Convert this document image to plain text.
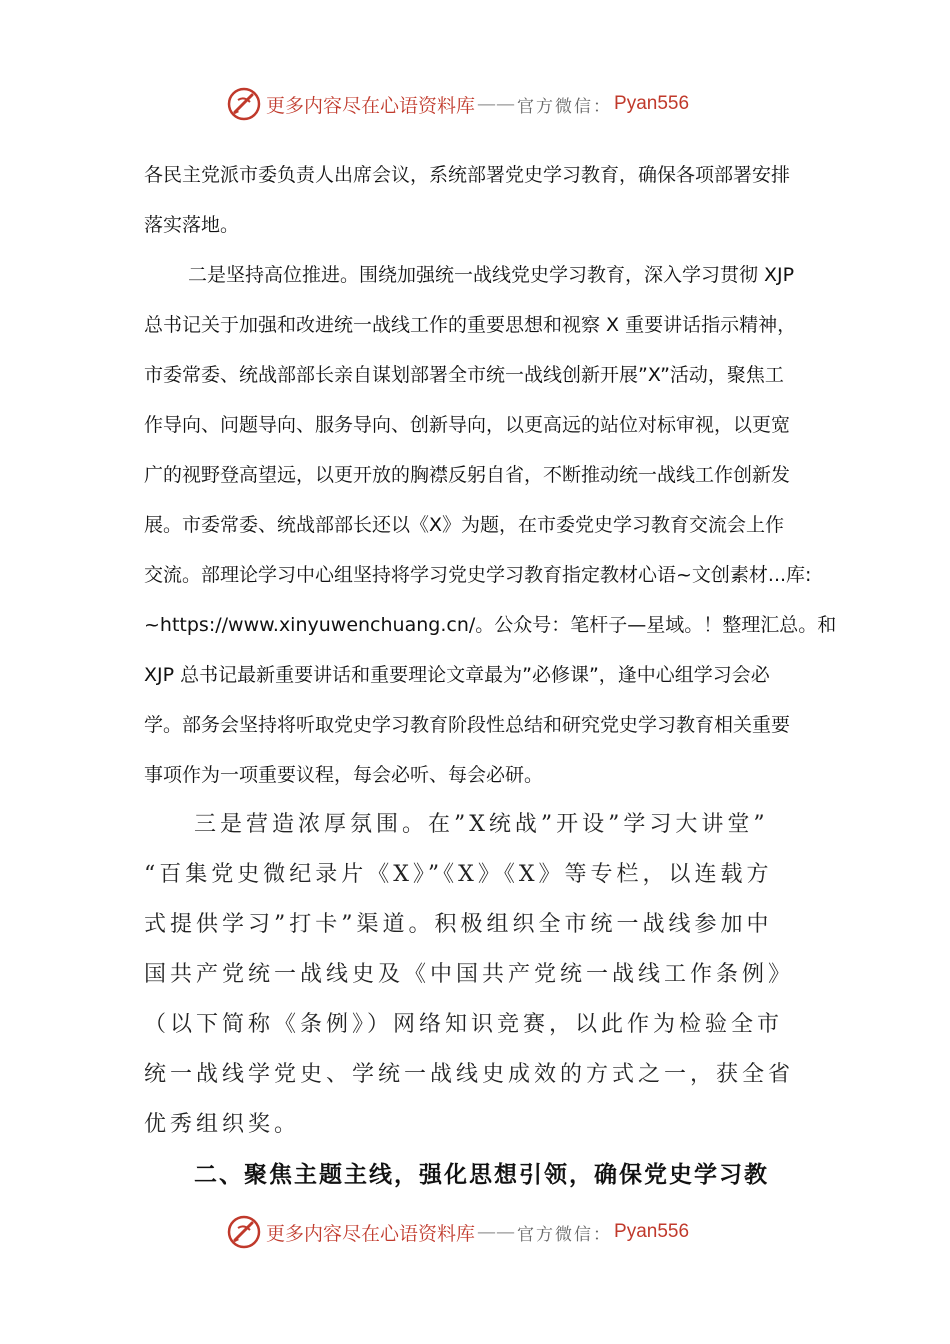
更多内容尽在心语资料库 —— 官方微信： Pyan556

各民主党派市委负责人出席会议，系统部署党史学习教育，确保各项部署安排
落实落地。

二是坚持高位推进。围绕加强统一战线党史学习教育，深入学习贯彻 XJP
总书记关于加强和改进统一战线工作的重要思想和视察 X 重要讲话指示精神，
市委常委、统战部部长亲自谋划部署全市统一战线创新开展”X”活动，聚焦工
作导向、问题导向、服务导向、创新导向，以更高远的站位对标审视，以更宽
广的视野登高望远，以更开放的胸襟反躬自省，不断推动统一战线工作创新发
展。市委常委、统战部部长还以《X》为题，在市委党史学习教育交流会上作
交流。部理论学习中心组坚持将学习党史学习教育指定教材心语~文创素材...库:
~https://www.xinyuwenchuang.cn/。公众号：笔杆子—星域。！整理汇总。和
XJP 总书记最新重要讲话和重要理论文章最为”必修课”，逢中心组学习会必
学。部务会坚持将听取党史学习教育阶段性总结和研究党史学习教育相关重要
事项作为一项重要议程，每会必听、每会必研。

三是营造浓厚氛围。在”X统战”开设”学习大讲堂”
“百集党史微纪录片《X》”《X》《X》等专栏，以连载方
式提供学习”打卡”渠道。积极组织全市统一战线参加中
国共产党统一战线史及《中国共产党统一战线工作条例》
（以下简称《条例》）网络知识竞赛，以此作为检验全市
统一战线学党史、学统一战线史成效的方式之一，获全省
优秀组织奖。

二、聚焦主题主线，强化思想引领，确保党史学习教

更多内容尽在心语资料库 —— 官方微信： Pyan556
